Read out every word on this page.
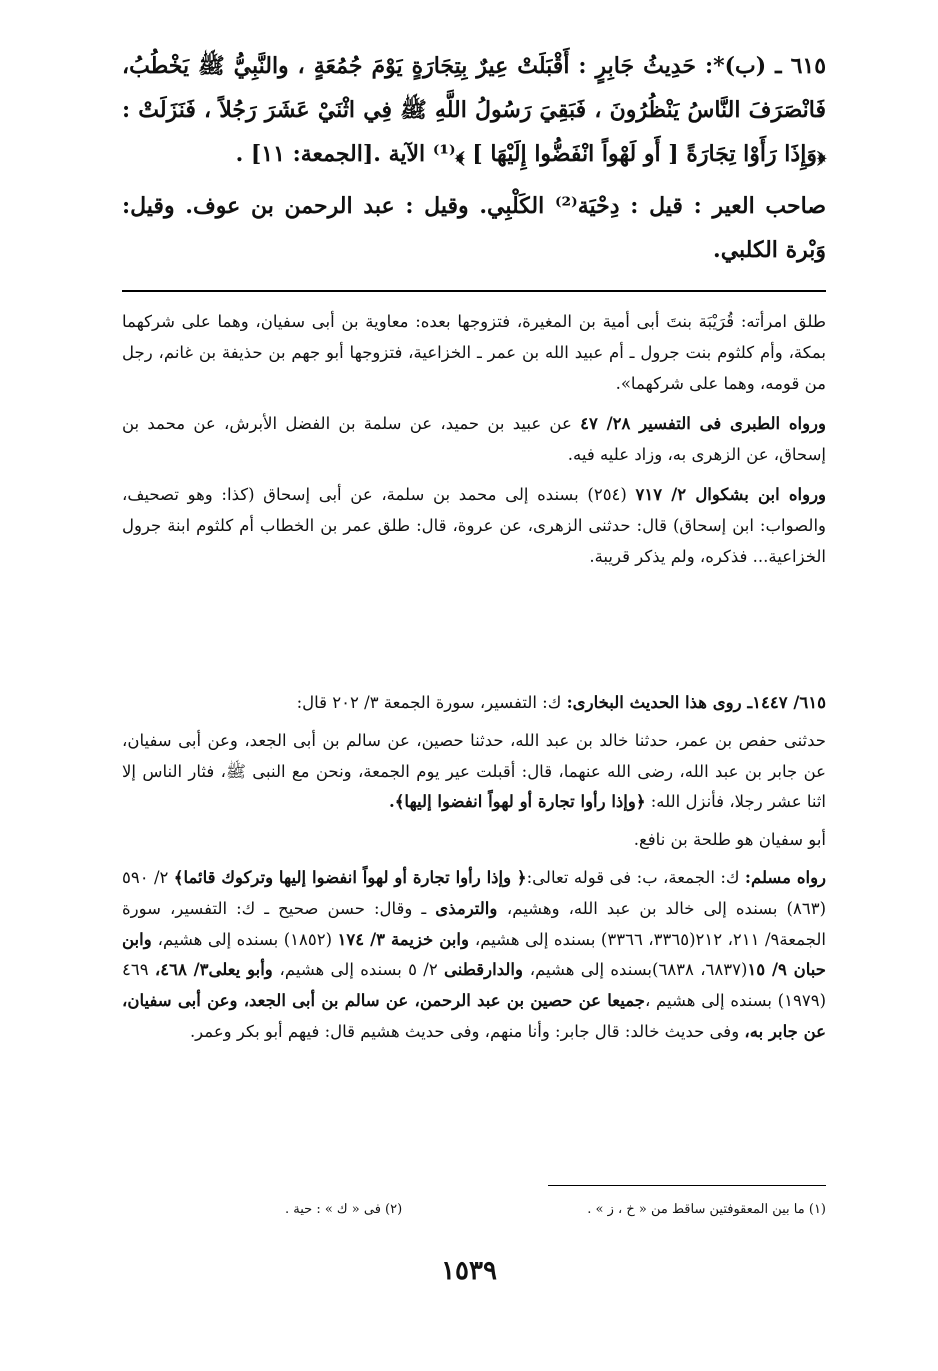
٦١٥ ـ (ب)*: حَدِيثُ جَابِرٍ : أَقْبَلَتْ عِيرٌ بِتِجَارَةٍ يَوْمَ جُمُعَةٍ ، والنَّبِيُّ ﷺ يَخْطُبُ، فَانْصَرَفَ النَّاسُ يَنْظُرُونَ ، فَبَقِيَ رَسُولُ اللَّهِ ﷺ فِي اثْنَيْ عَشَرَ رَجُلاً ، فَنَزَلَتْ :﴿وَإِذَا رَأَوْا تِجَارَةً [ أَو لَهْواً انْفَضُّوا إِلَيْهَا ] ﴾⁽¹⁾ الآية .[الجمعة: ١١] .

صاحب العير : قيل : دِحْيَة⁽²⁾ الكَلْبِي. وقيل : عبد الرحمن بن عوف. وقيل: وَبْرة الكلبي.

طلق امرأته: قُرَيْبَة بنتَ أبى أمية بن المغيرة، فتزوجها بعده: معاوية بن أبى سفيان، وهما على شركهما بمكة، وأم كلثوم بنت جرول ـ أم عبيد الله بن عمر ـ الخزاعية، فتزوجها أبو جهم بن حذيفة بن غانم، رجل من قومه، وهما على شركهما».

ورواه الطبرى فى التفسير ٢٨/ ٤٧ عن عبيد بن حميد، عن سلمة بن الفضل الأبرش، عن محمد بن إسحاق، عن الزهرى به، وزاد عليه فيه.

ورواه ابن بشكوال ٢/ ٧١٧ (٢٥٤) بسنده إلى محمد بن سلمة، عن أبى إسحاق (كذا: وهو تصحيف، والصواب: ابن إسحاق) قال: حدثنى الزهرى، عن عروة، قال: طلق عمر بن الخطاب أم كلثوم ابنة جرول الخزاعية... فذكره، ولم يذكر قريبة.

٦١٥/ ١٤٤٧ـ روى هذا الحديث البخارى: ك: التفسير، سورة الجمعة ٣/ ٢٠٢ قال:

حدثنى حفص بن عمر، حدثنا خالد بن عبد الله، حدثنا حصين، عن سالم بن أبى الجعد، وعن أبى سفيان، عن جابر بن عبد الله، رضى الله عنهما، قال: أقبلت عير يوم الجمعة، ونحن مع النبى ﷺ، فثار الناس إلا اثنا عشر رجلا، فأنزل الله: ﴿وإذا رأوا تجارة أو لهواً انفضوا إليها﴾.

أبو سفيان هو طلحة بن نافع.

رواه مسلم: ك: الجمعة، ب: فى قوله تعالى:﴿ وإذا رأوا تجارة أو لهواً انفضوا إليها وتركوك قائما﴾ ٢/ ٥٩٠ (٨٦٣) بسنده إلى خالد بن عبد الله، وهشيم، والترمذى ـ وقال: حسن صحيح ـ ك: التفسير، سورة الجمعة٩/ ٢١١، ٢١٢(٣٣٦٥، ٣٣٦٦) بسنده إلى هشيم، وابن خزيمة ٣/ ١٧٤ (١٨٥٢) بسنده إلى هشيم، وابن حبان ٩/ ١٥(٦٨٣٧، ٦٨٣٨)بسنده إلى هشيم، والدارقطنى ٢/ ٥ بسنده إلى هشيم، وأبو يعلى٣/ ٤٦٨، ٤٦٩ (١٩٧٩) بسنده إلى هشيم ،جميعا عن حصين بن عبد الرحمن، عن سالم بن أبى الجعد، وعن أبى سفيان، عن جابر به، وفى حديث خالد: قال جابر: وأنا منهم، وفى حديث هشيم قال: فيهم أبو بكر وعمر.

(١) ما بين المعقوفتين ساقط من « خ ، ز » .
(٢) فى « ك » : حية .
١٥٣٩
